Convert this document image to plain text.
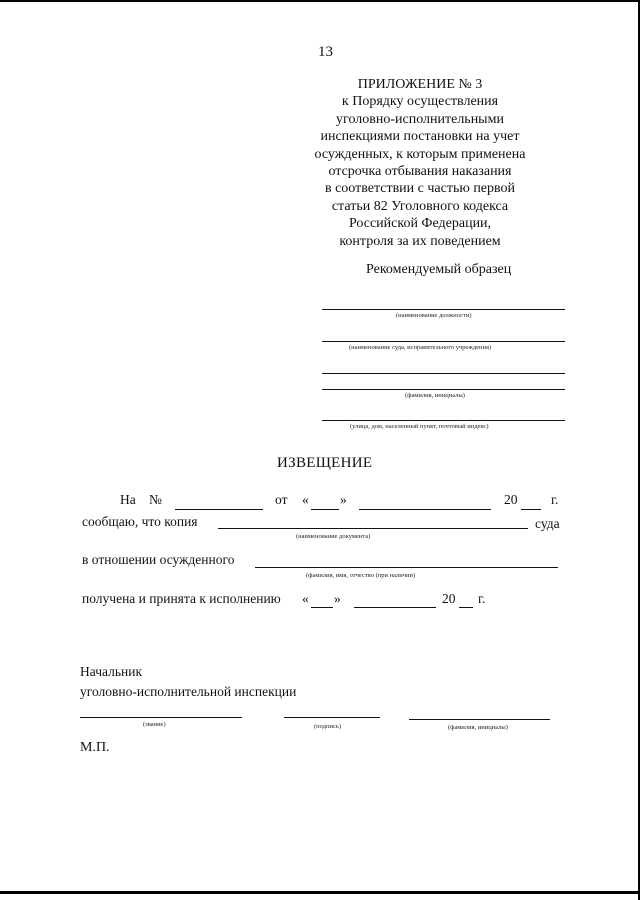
13
ПРИЛОЖЕНИЕ № 3
к Порядку осуществления
уголовно-исполнительными
инспекциями постановки на учет
осужденных, к которым применена
отсрочка отбывания наказания
в соответствии с частью первой
статьи 82 Уголовного кодекса
Российской Федерации,
контроля за их поведением
Рекомендуемый образец
(наименование должности)
(наименование суда, исправительного учреждения)
(фамилия, инициалы)
(улица, дом, населенный пункт, почтовый индекс)
ИЗВЕЩЕНИЕ
На №	от « »	20 г.
сообщаю, что копия	суда
(наименование документа)
в отношении осужденного
(фамилия, имя, отчество (при наличии)
получена и принята к исполнению « »	20 г.
Начальник
уголовно-исполнительной инспекции
(звание)	(подпись)	(фамилия, инициалы)
М.П.
